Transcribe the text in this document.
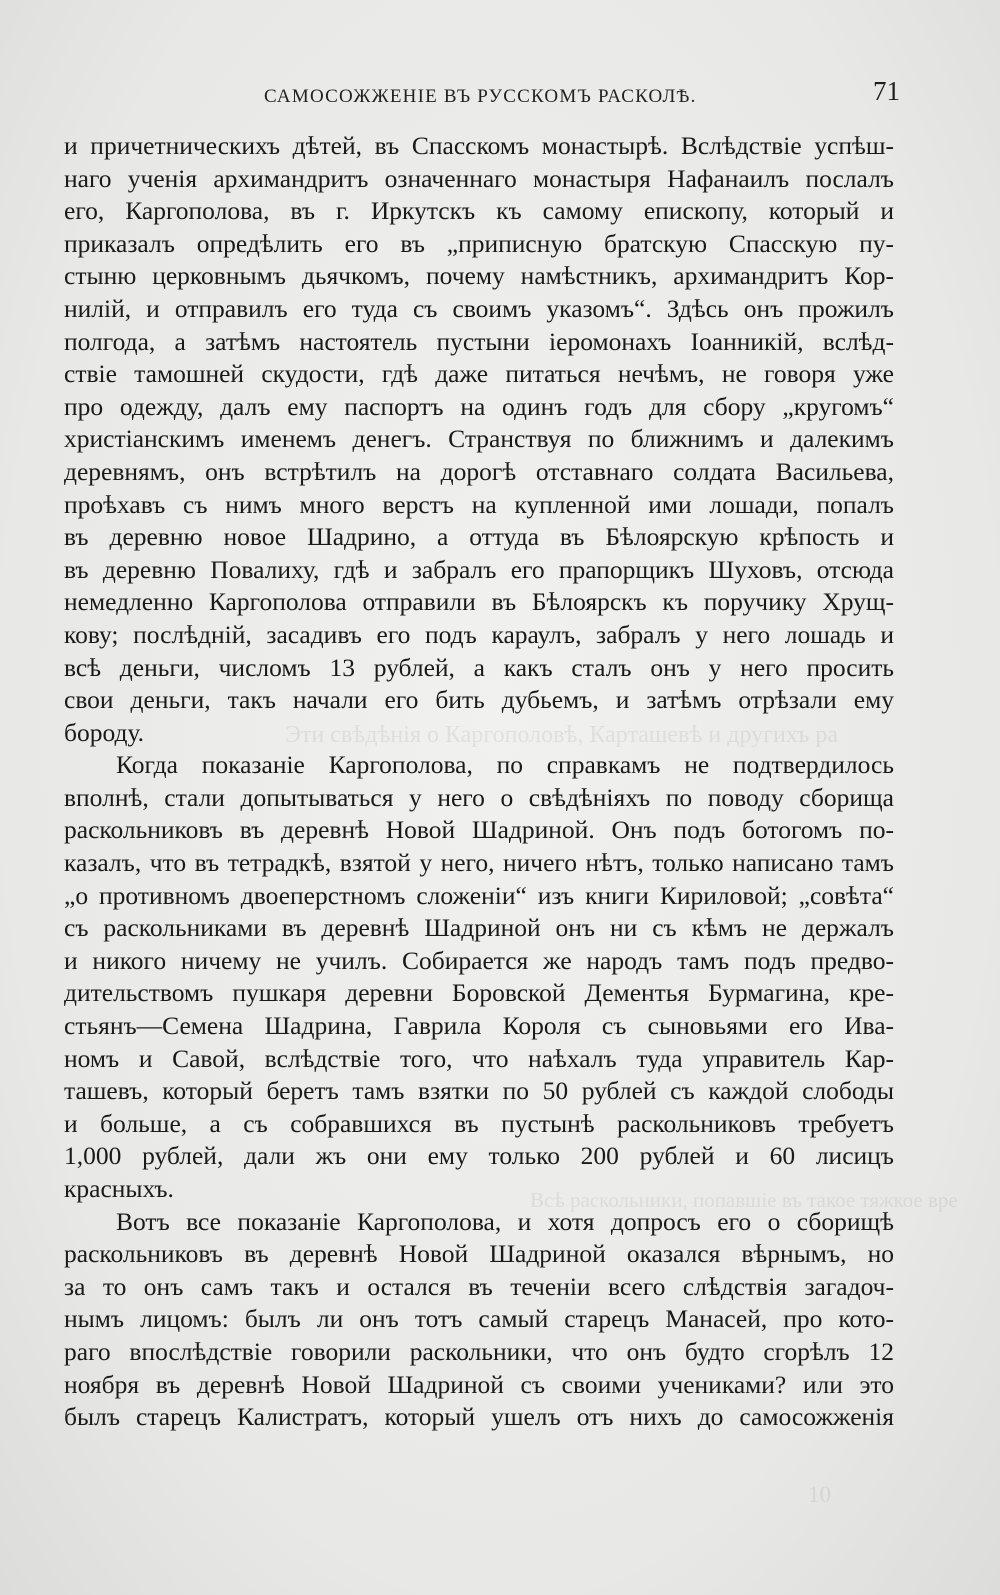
Эти свѣдѣнія о Каргополовѣ, Карташевѣ и другихъ ра
Всѣ раскольники, попавшіе въ такое тяжкое вре
10
САМОСОЖЖЕНІЕ ВЪ РУССКОМЪ РАСКОЛѢ.	71
и причетническихъ дѣтей, въ Спасскомъ монастырѣ. Вслѣдствіе успѣш-
наго ученія архимандритъ означеннаго монастыря Нафанаилъ послалъ
его, Каргополова, въ г. Иркутскъ къ самому епископу, который и
приказалъ опредѣлить его въ „приписную братскую Спасскую пу-
стыню церковнымъ дьячкомъ, почему намѣстникъ, архимандритъ Кор-
нилій, и отправилъ его туда съ своимъ указомъ“. Здѣсь онъ прожилъ
полгода, а затѣмъ настоятель пустыни іеромонахъ Іоанникій, вслѣд-
ствіе тамошней скудости, гдѣ даже питаться нечѣмъ, не говоря уже
про одежду, далъ ему паспортъ на одинъ годъ для сбору „кругомъ“
христіанскимъ именемъ денегъ. Странствуя по ближнимъ и далекимъ
деревнямъ, онъ встрѣтилъ на дорогѣ отставнаго солдата Васильева,
проѣхавъ съ нимъ много верстъ на купленной ими лошади, попалъ
въ деревню новое Шадрино, а оттуда въ Бѣлоярскую крѣпость и
въ деревню Повалиху, гдѣ и забралъ его прапорщикъ Шуховъ, отсюда
немедленно Каргополова отправили въ Бѣлоярскъ къ поручику Хрущ-
кову; послѣдній, засадивъ его подъ караулъ, забралъ у него лошадь и
всѣ деньги, числомъ 13 рублей, а какъ сталъ онъ у него просить
свои деньги, такъ начали его бить дубьемъ, и затѣмъ отрѣзали ему
бороду.
Когда показаніе Каргополова, по справкамъ не подтвердилось
вполнѣ, стали допытываться у него о свѣдѣніяхъ по поводу сборища
раскольниковъ въ деревнѣ Новой Шадриной. Онъ подъ ботогомъ по-
казалъ, что въ тетрадкѣ, взятой у него, ничего нѣтъ, только написано тамъ
„о противномъ двоеперстномъ сложеніи“ изъ книги Кириловой; „совѣта“
съ раскольниками въ деревнѣ Шадриной онъ ни съ кѣмъ не держалъ
и никого ничему не училъ. Собирается же народъ тамъ подъ предво-
дительствомъ пушкаря деревни Боровской Дементья Бурмагина, кре-
стьянъ—Семена Шадрина, Гаврила Короля съ сыновьями его Ива-
номъ и Савой, вслѣдствіе того, что наѣхалъ туда управитель Кар-
ташевъ, который беретъ тамъ взятки по 50 рублей съ каждой слободы
и больше, а съ собравшихся въ пустынѣ раскольниковъ требуетъ
1,000 рублей, дали жъ они ему только 200 рублей и 60 лисицъ
красныхъ.
Вотъ все показаніе Каргополова, и хотя допросъ его о сборищѣ
раскольниковъ въ деревнѣ Новой Шадриной оказался вѣрнымъ, но
за то онъ самъ такъ и остался въ теченіи всего слѣдствія загадоч-
нымъ лицомъ: былъ ли онъ тотъ самый старецъ Манасей, про кото-
раго впослѣдствіе говорили раскольники, что онъ будто сгорѣлъ 12
ноября въ деревнѣ Новой Шадриной съ своими учениками? или это
былъ старецъ Калистратъ, который ушелъ отъ нихъ до самосожженія
